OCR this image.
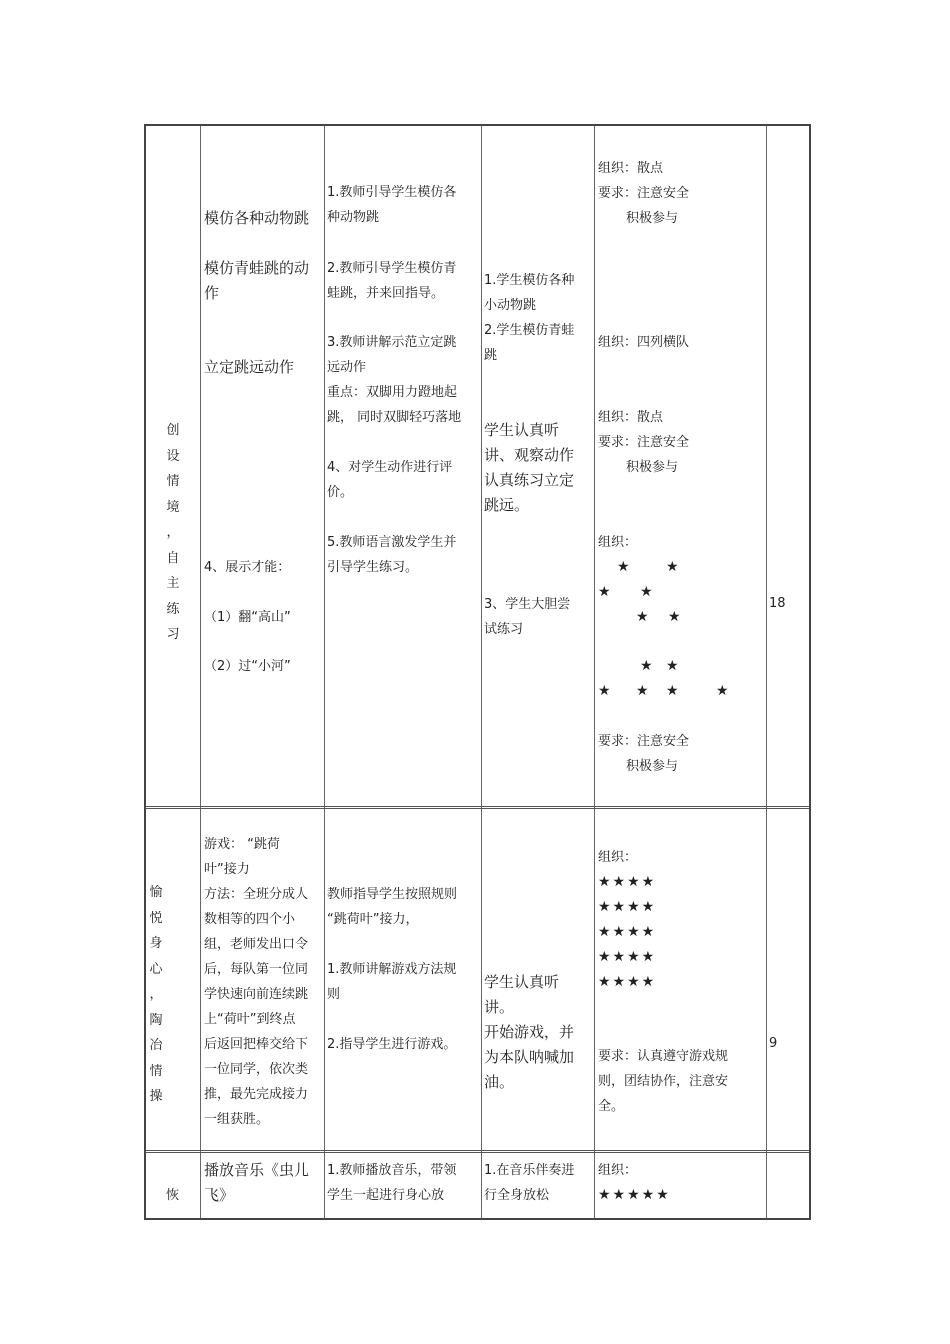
创
设
情
境
，
自
主
练
习
模仿各种动物跳
模仿青蛙跳的动
作
立定跳远动作
4、展示才能：
（1）翻“高山”
（2）过“小河”
1.教师引导学生模仿各
种动物跳
2.教师引导学生模仿青
蛙跳，并来回指导。
3.教师讲解示范立定跳
远动作
重点：双脚用力蹬地起
跳， 同时双脚轻巧落地
4、对学生动作进行评
价。
5.教师语言激发学生并
引导学生练习。
1.学生模仿各种
小动物跳
2.学生模仿青蛙
跳
学生认真听
讲、观察动作
认真练习立定
跳远。
3、学生大胆尝
试练习
组织：散点
要求：注意安全
积极参与
组织：四列横队
组织：散点
要求：注意安全
积极参与
组织：
★	★
★ ★
★ ★
★ ★
★ ★ ★	★
要求：注意安全
积极参与
18
愉
悦
身
心
，
陶
冶
情
操
游戏： “跳荷
叶”接力
方法：全班分成人
数相等的四个小
组，老师发出口令
后，每队第一位同
学快速向前连续跳
上“荷叶”到终点
后返回把棒交给下
一位同学，依次类
推，最先完成接力
一组获胜。
教师指导学生按照规则
“跳荷叶”接力，
1.教师讲解游戏方法规
则
2.指导学生进行游戏。
学生认真听
讲。
开始游戏，并
为本队呐喊加
油。
组织：
★★★★
★★★★
★★★★
★★★★
★★★★
要求：认真遵守游戏规
则，团结协作，注意安
全。
9
恢
播放音乐《虫儿
飞》
1.教师播放音乐，带领
学生一起进行身心放
1.在音乐伴奏进
行全身放松
组织：
★★★★★
